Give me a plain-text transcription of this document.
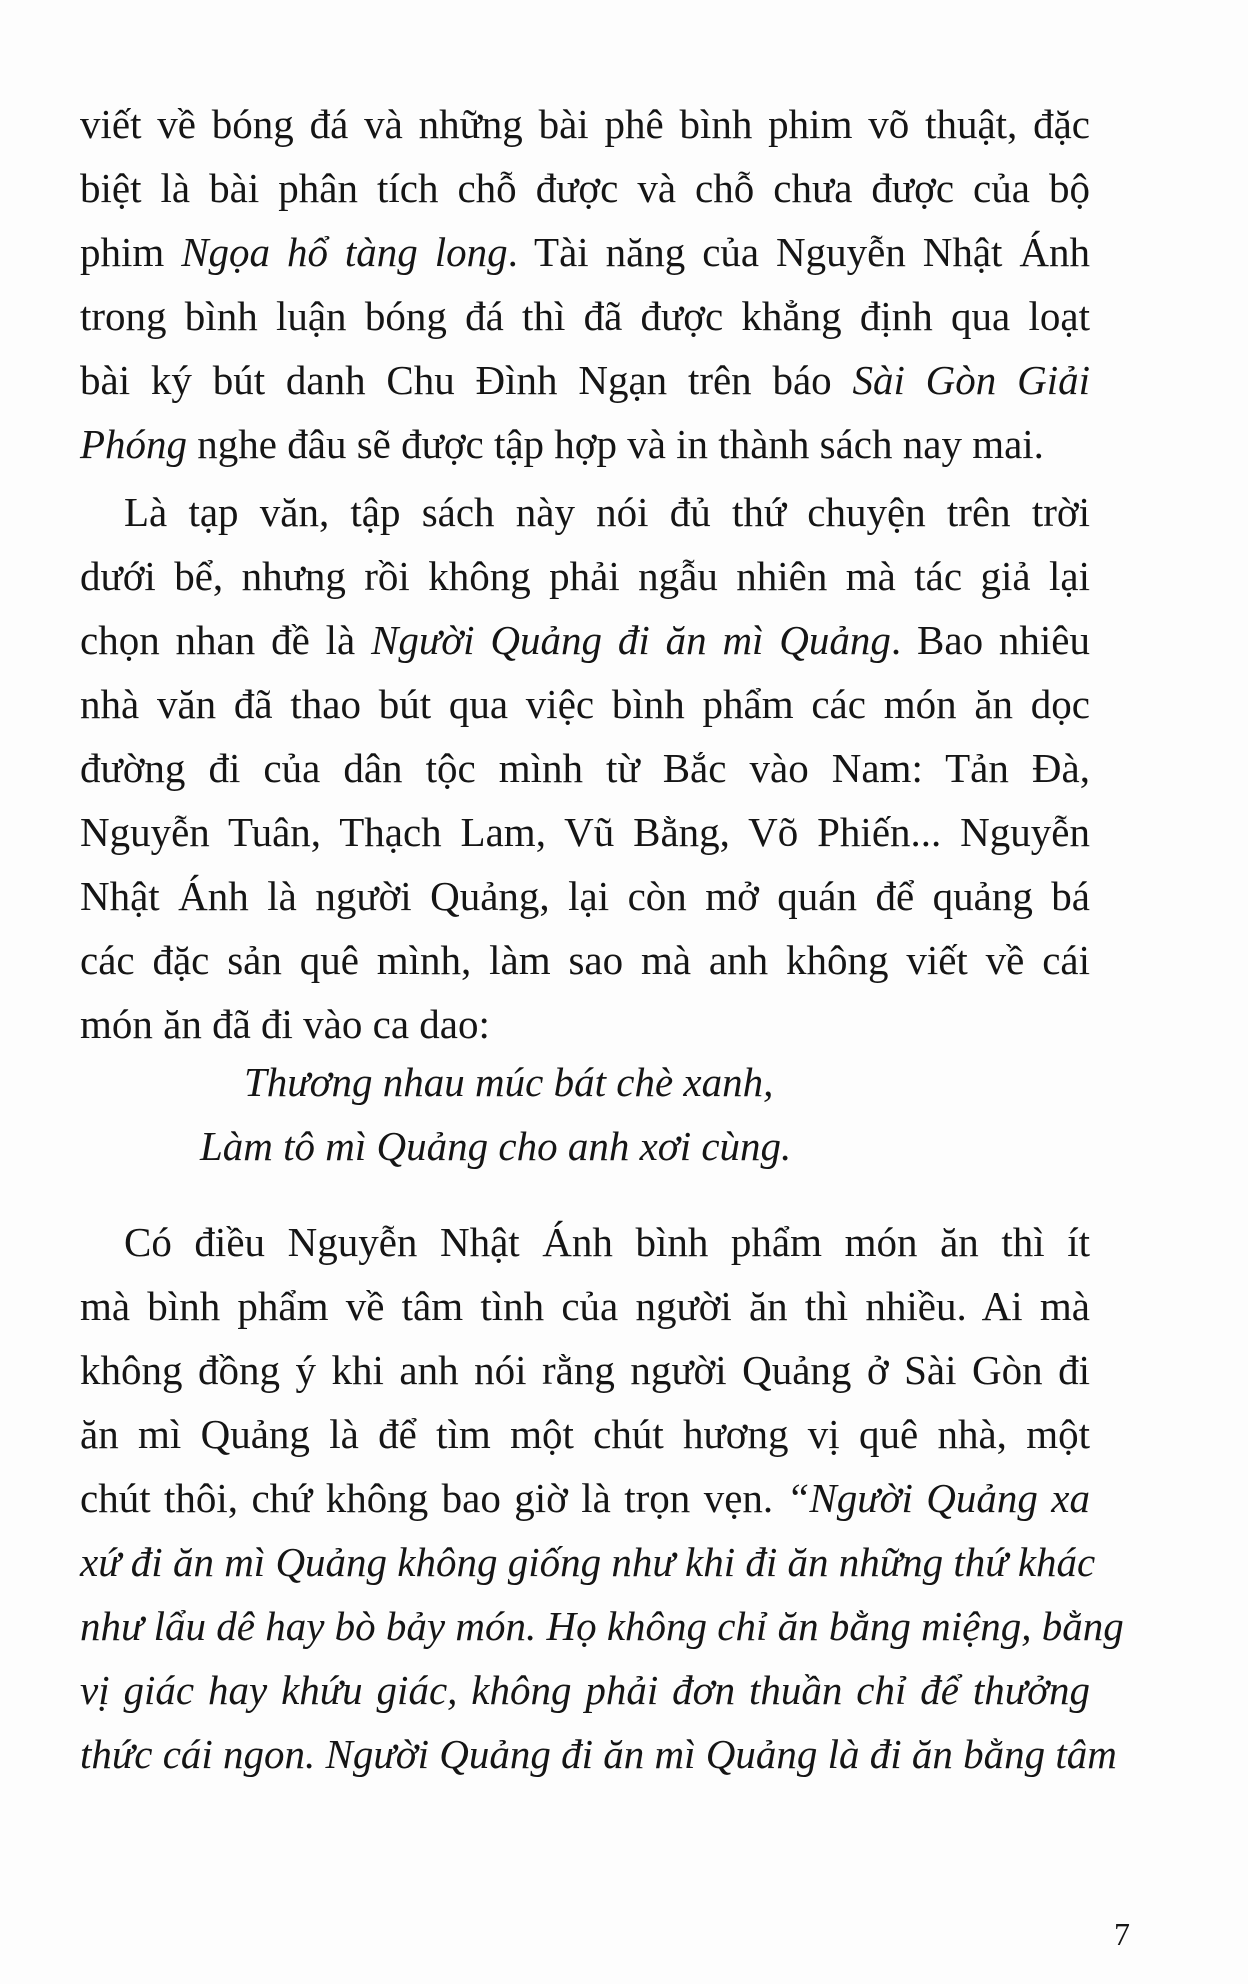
viết về bóng đá và những bài phê bình phim võ thuật, đặc
biệt là bài phân tích chỗ được và chỗ chưa được của bộ
phim Ngọa hổ tàng long. Tài năng của Nguyễn Nhật Ánh
trong bình luận bóng đá thì đã được khẳng định qua loạt
bài ký bút danh Chu Đình Ngạn trên báo Sài Gòn Giải
Phóng nghe đâu sẽ được tập hợp và in thành sách nay mai.
Là tạp văn, tập sách này nói đủ thứ chuyện trên trời
dưới bể, nhưng rồi không phải ngẫu nhiên mà tác giả lại
chọn nhan đề là Người Quảng đi ăn mì Quảng. Bao nhiêu
nhà văn đã thao bút qua việc bình phẩm các món ăn dọc
đường đi của dân tộc mình từ Bắc vào Nam: Tản Đà,
Nguyễn Tuân, Thạch Lam, Vũ Bằng, Võ Phiến... Nguyễn
Nhật Ánh là người Quảng, lại còn mở quán để quảng bá
các đặc sản quê mình, làm sao mà anh không viết về cái
món ăn đã đi vào ca dao:
Thương nhau múc bát chè xanh,
Làm tô mì Quảng cho anh xơi cùng.
Có điều Nguyễn Nhật Ánh bình phẩm món ăn thì ít
mà bình phẩm về tâm tình của người ăn thì nhiều. Ai mà
không đồng ý khi anh nói rằng người Quảng ở Sài Gòn đi
ăn mì Quảng là để tìm một chút hương vị quê nhà, một
chút thôi, chứ không bao giờ là trọn vẹn. “Người Quảng xa
xứ đi ăn mì Quảng không giống như khi đi ăn những thứ khác
như lẩu dê hay bò bảy món. Họ không chỉ ăn bằng miệng, bằng
vị giác hay khứu giác, không phải đơn thuần chỉ để thưởng
thức cái ngon. Người Quảng đi ăn mì Quảng là đi ăn bằng tâm
7
